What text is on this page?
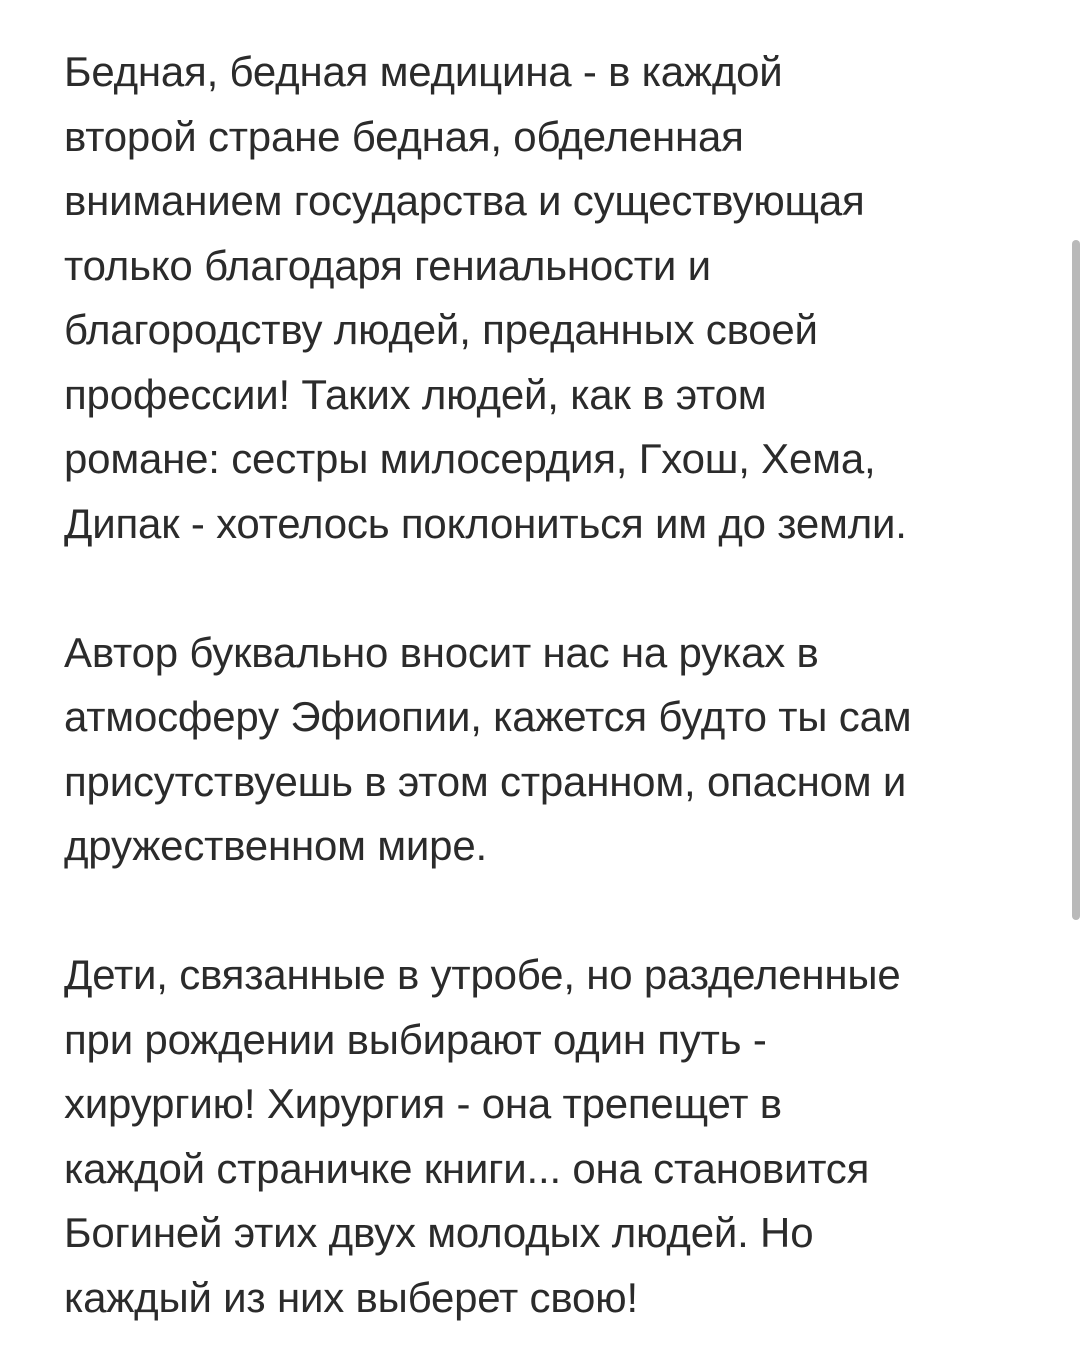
Бедная, бедная медицина - в каждой
второй стране бедная, обделенная
вниманием государства и существующая
только благодаря гениальности и
благородству людей, преданных своей
профессии! Таких людей, как в этом
романе: сестры милосердия, Гхош, Хема,
Дипак - хотелось поклониться им до земли.

Автор буквально вносит нас на руках в
атмосферу Эфиопии, кажется будто ты сам
присутствуешь в этом странном, опасном и
дружественном мире.

Дети, связанные в утробе, но разделенные
при рождении выбирают один путь -
хирургию! Хирургия - она трепещет в
каждой страничке книги... она становится
Богиней этих двух молодых людей. Но
каждый из них выберет свою!
